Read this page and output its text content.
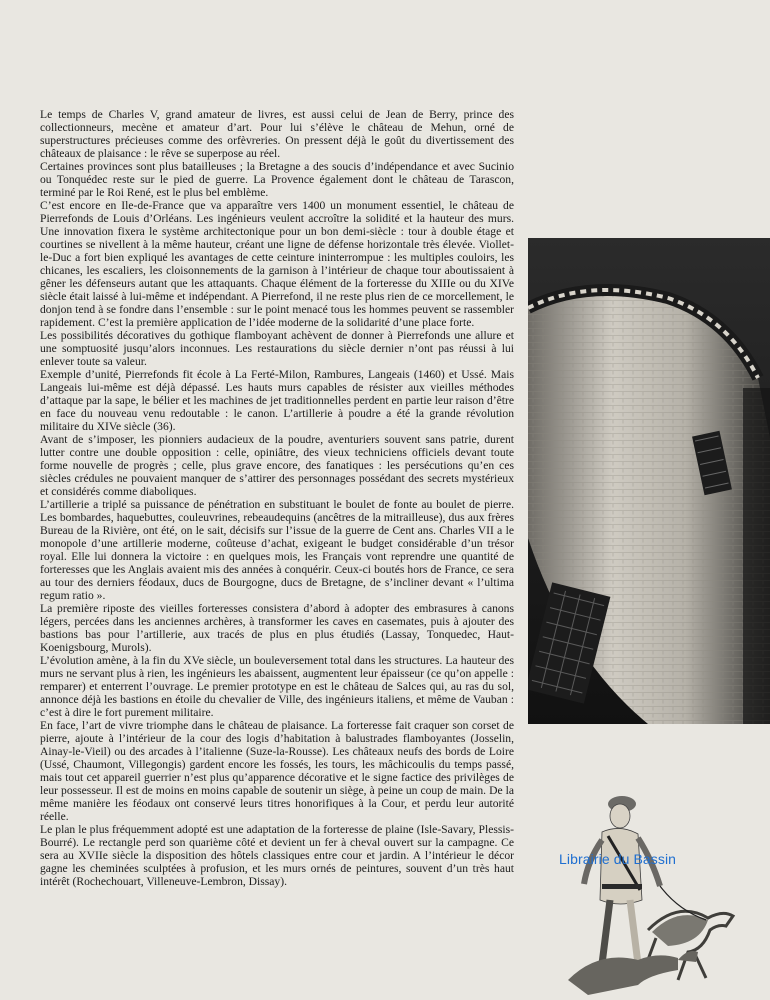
Le temps de Charles V, grand amateur de livres, est aussi celui de Jean de Berry, prince des collectionneurs, mecène et amateur d’art. Pour lui s’élève le château de Mehun, orné de superstructures précieuses comme des orfèvreries. On pressent déjà le goût du divertissement des châteaux de plaisance : le rêve se superpose au réel.

Certaines provinces sont plus batailleuses ; la Bretagne a des soucis d’indépendance et avec Sucinio ou Tonquédec reste sur le pied de guerre. La Provence également dont le château de Tarascon, terminé par le Roi René, est le plus bel emblème.

C’est encore en Ile-de-France que va apparaître vers 1400 un monument essentiel, le château de Pierrefonds de Louis d’Orléans. Les ingénieurs veulent accroître la solidité et la hauteur des murs. Une innovation fixera le système architectonique pour un bon demi-siècle : tour à double étage et courtines se nivellent à la même hauteur, créant une ligne de défense horizontale très élevée. Viollet-le-Duc a fort bien expliqué les avantages de cette ceinture ininterrompue : les multiples couloirs, les chicanes, les escaliers, les cloisonnements de la garnison à l’intérieur de chaque tour aboutissaient à gêner les défenseurs autant que les attaquants. Chaque élément de la forteresse du XIIIe ou du XIVe siècle était laissé à lui-même et indépendant. A Pierrefond, il ne reste plus rien de ce morcellement, le donjon tend à se fondre dans l’ensemble : sur le point menacé tous les hommes peuvent se rassembler rapidement. C’est la première application de l’idée moderne de la solidarité d’une place forte.

Les possibilités décoratives du gothique flamboyant achèvent de donner à Pierrefonds une allure et une somptuosité jusqu’alors inconnues. Les restaurations du siècle dernier n’ont pas réussi à lui enlever toute sa valeur.

Exemple d’unité, Pierrefonds fit école à La Ferté-Milon, Rambures, Langeais (1460) et Ussé. Mais Langeais lui-même est déjà dépassé. Les hauts murs capables de résister aux vieilles méthodes d’attaque par la sape, le bélier et les machines de jet traditionnelles perdent en partie leur raison d’être en face du nouveau venu redoutable : le canon. L’artillerie à poudre a été la grande révolution militaire du XIVe siècle (36).

Avant de s’imposer, les pionniers audacieux de la poudre, aventuriers souvent sans patrie, durent lutter contre une double opposition : celle, opiniâtre, des vieux techniciens officiels devant toute forme nouvelle de progrès ; celle, plus grave encore, des fanatiques : les persécutions qu’en ces siècles crédules ne pouvaient manquer de s’attirer des personnages possédant des secrets mystérieux et considérés comme diaboliques.

L’artillerie a triplé sa puissance de pénétration en substituant le boulet de fonte au boulet de pierre. Les bombardes, haquebuttes, couleuvrines, rebeaudequins (ancêtres de la mitrailleuse), dus aux frères Bureau de la Rivière, ont été, on le sait, décisifs sur l’issue de la guerre de Cent ans. Charles VII a le monopole d’une artillerie moderne, coûteuse d’achat, exigeant le budget considérable d’un trésor royal. Elle lui donnera la victoire : en quelques mois, les Français vont reprendre une quantité de forteresses que les Anglais avaient mis des années à conquérir. Ceux-ci boutés hors de France, ce sera au tour des derniers féodaux, ducs de Bourgogne, ducs de Bretagne, de s’incliner devant « l’ultima regum ratio ».

La première riposte des vieilles forteresses consistera d’abord à adopter des embrasures à canons légers, percées dans les anciennes archères, à transformer les caves en casemates, puis à ajouter des bastions bas pour l’artillerie, aux tracés de plus en plus étudiés (Lassay, Tonquedec, Haut-Koenigsbourg, Murols).

L’évolution amène, à la fin du XVe siècle, un bouleversement total dans les structures. La hauteur des murs ne servant plus à rien, les ingénieurs les abaissent, augmentent leur épaisseur (ce qu’on appelle : remparer) et enterrent l’ouvrage. Le premier prototype en est le château de Salces qui, au ras du sol, annonce déjà les bastions en étoile du chevalier de Ville, des ingénieurs italiens, et même de Vauban : c’est à dire le fort purement militaire.

En face, l’art de vivre triomphe dans le château de plaisance. La forteresse fait craquer son corset de pierre, ajoute à l’intérieur de la cour des logis d’habitation à balustrades flamboyantes (Josselin, Ainay-le-Vieil) ou des arcades à l’italienne (Suze-la-Rousse). Les châteaux neufs des bords de Loire (Ussé, Chaumont, Villegongis) gardent encore les fossés, les tours, les mâchicoulis du temps passé, mais tout cet appareil guerrier n’est plus qu’apparence décorative et le signe factice des privilèges de leur possesseur. Il est de moins en moins capable de soutenir un siège, à peine un coup de main. De la même manière les féodaux ont conservé leurs titres honorifiques à la Cour, et perdu leur autorité réelle.

Le plan le plus fréquemment adopté est une adaptation de la forteresse de plaine (Isle-Savary, Plessis-Bourré). Le rectangle perd son quarième côté et devient un fer à cheval ouvert sur la campagne. Ce sera au XVIIe siècle la disposition des hôtels classiques entre cour et jardin. A l’intérieur le décor gagne les cheminées sculptées à profusion, et les murs ornés de peintures, souvent d’un très haut intérêt (Rochechouart, Villeneuve-Lembron, Dissay).

Librairie du Bassin
